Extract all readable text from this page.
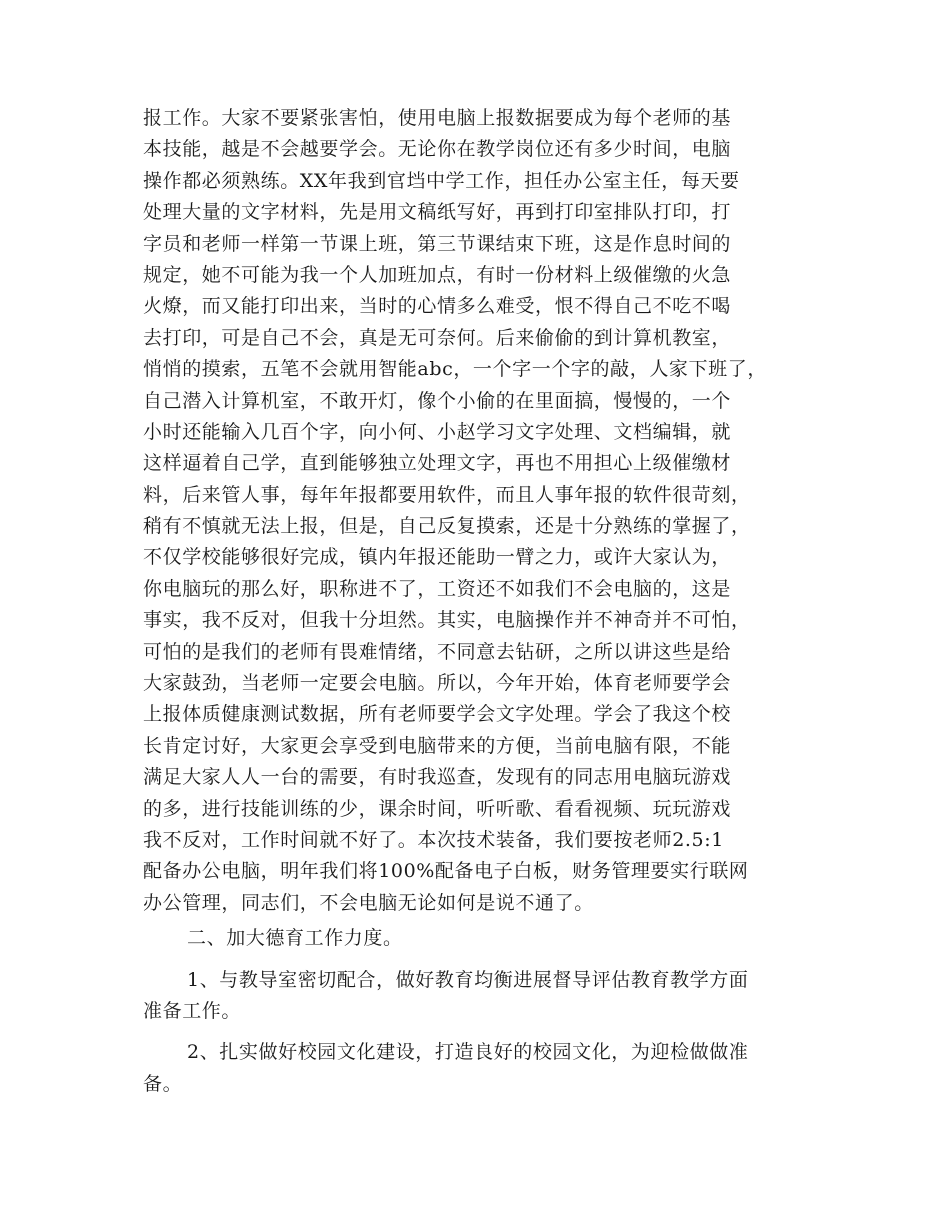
报工作。大家不要紧张害怕，使用电脑上报数据要成为每个老师的基
本技能，越是不会越要学会。无论你在教学岗位还有多少时间，电脑
操作都必须熟练。XX年我到官垱中学工作，担任办公室主任，每天要
处理大量的文字材料，先是用文稿纸写好，再到打印室排队打印，打
字员和老师一样第一节课上班，第三节课结束下班，这是作息时间的
规定，她不可能为我一个人加班加点，有时一份材料上级催缴的火急
火燎，而又能打印出来，当时的心情多么难受，恨不得自己不吃不喝
去打印，可是自己不会，真是无可奈何。后来偷偷的到计算机教室，
悄悄的摸索，五笔不会就用智能abc，一个字一个字的敲，人家下班了，
自己潜入计算机室，不敢开灯，像个小偷的在里面搞，慢慢的，一个
小时还能输入几百个字，向小何、小赵学习文字处理、文档编辑，就
这样逼着自己学，直到能够独立处理文字，再也不用担心上级催缴材
料，后来管人事，每年年报都要用软件，而且人事年报的软件很苛刻，
稍有不慎就无法上报，但是，自己反复摸索，还是十分熟练的掌握了，
不仅学校能够很好完成，镇内年报还能助一臂之力，或许大家认为，
你电脑玩的那么好，职称进不了，工资还不如我们不会电脑的，这是
事实，我不反对，但我十分坦然。其实，电脑操作并不神奇并不可怕，
可怕的是我们的老师有畏难情绪，不同意去钻研，之所以讲这些是给
大家鼓劲，当老师一定要会电脑。所以，今年开始，体育老师要学会
上报体质健康测试数据，所有老师要学会文字处理。学会了我这个校
长肯定讨好，大家更会享受到电脑带来的方便，当前电脑有限，不能
满足大家人人一台的需要，有时我巡查，发现有的同志用电脑玩游戏
的多，进行技能训练的少，课余时间，听听歌、看看视频、玩玩游戏
我不反对，工作时间就不好了。本次技术装备，我们要按老师2.5:1
配备办公电脑，明年我们将100%配备电子白板，财务管理要实行联网
办公管理，同志们，不会电脑无论如何是说不通了。
二、加大德育工作力度。
1、与教导室密切配合，做好教育均衡进展督导评估教育教学方面
准备工作。
2、扎实做好校园文化建设，打造良好的校园文化，为迎检做做准
备。
